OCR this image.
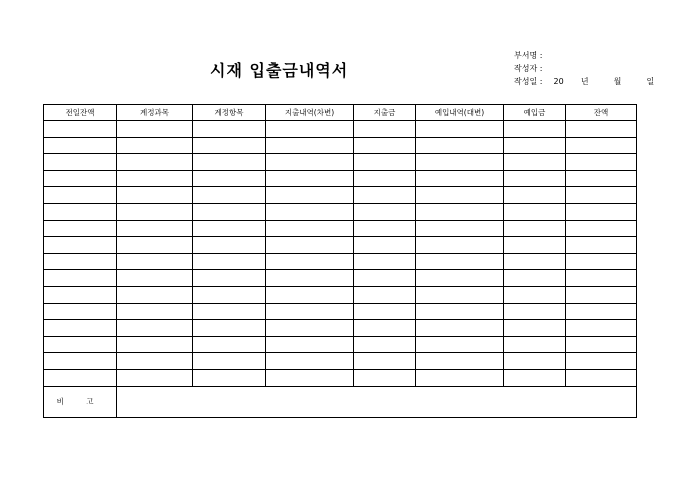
시재 입출금내역서
부서명 :
작성자 :
작성일 : 20 년	월	일
전일잔액	계정과목	계정항목	지출내역(차변)	지출금	예입내역(대변)	예입금	잔액

비 고							
